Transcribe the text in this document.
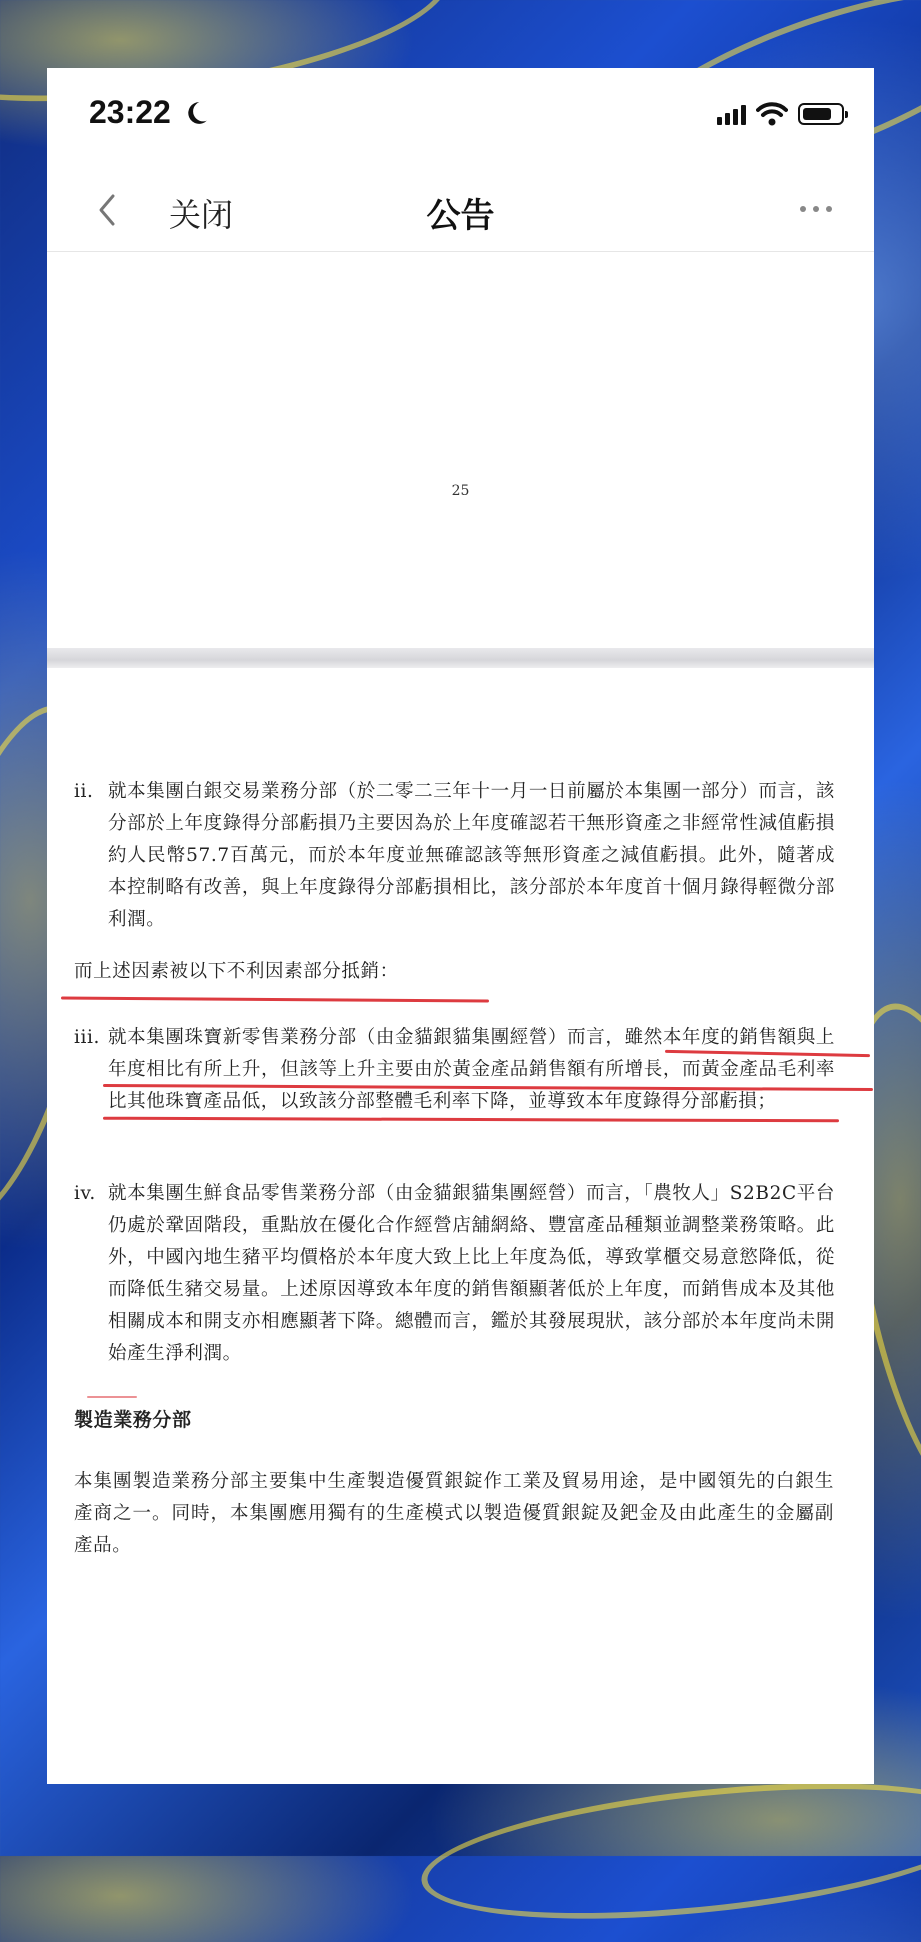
23:22
关闭	公告
25
ii. 就本集團白銀交易業務分部（於二零二三年十一月一日前屬於本集團一部分）而言，該分部於上年度錄得分部虧損乃主要因為於上年度確認若干無形資產之非經常性減值虧損約人民幣57.7百萬元，而於本年度並無確認該等無形資產之減值虧損。此外，隨著成本控制略有改善，與上年度錄得分部虧損相比，該分部於本年度首十個月錄得輕微分部利潤。
而上述因素被以下不利因素部分抵銷：
iii. 就本集團珠寶新零售業務分部（由金貓銀貓集團經營）而言，雖然本年度的銷售額與上年度相比有所上升，但該等上升主要由於黃金產品銷售額有所增長，而黃金產品毛利率比其他珠寶產品低，以致該分部整體毛利率下降，並導致本年度錄得分部虧損；
iv. 就本集團生鮮食品零售業務分部（由金貓銀貓集團經營）而言，「農牧人」S2B2C平台仍處於鞏固階段，重點放在優化合作經營店舖網絡、豐富產品種類並調整業務策略。此外，中國內地生豬平均價格於本年度大致上比上年度為低，導致掌櫃交易意慾降低，從而降低生豬交易量。上述原因導致本年度的銷售額顯著低於上年度，而銷售成本及其他相關成本和開支亦相應顯著下降。總體而言，鑑於其發展現狀，該分部於本年度尚未開始產生淨利潤。
製造業務分部
本集團製造業務分部主要集中生產製造優質銀錠作工業及貿易用途，是中國領先的白銀生產商之一。同時，本集團應用獨有的生產模式以製造優質銀錠及鈀金及由此產生的金屬副產品。
